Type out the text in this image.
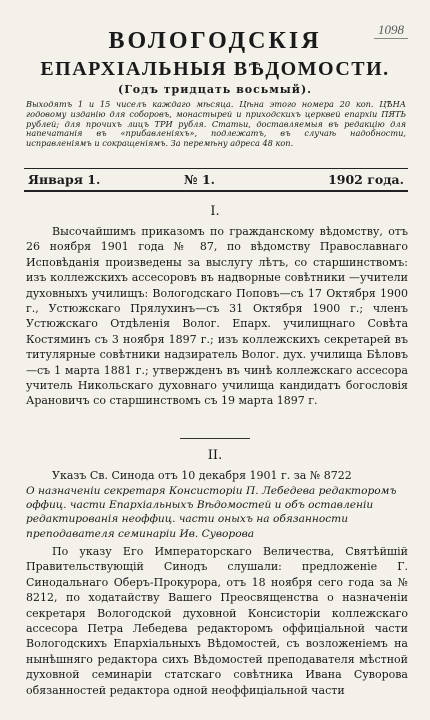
1098
ВОЛОГОДСКІЯ
ЕПАРХІАЛЬНЫЯ ВѢДОМОСТИ.
(Годъ тридцать восьмый).
Выходятъ 1 и 15 чиселъ каждаго мѣсяца. Цѣна этого номера 20 коп. ЦѢНА годовому изданію для соборовъ, монастырей и приходскихъ церквей епархіи ПЯТЬ рублей; для прочихъ лицъ ТРИ рубля. Статьи, доставляемыя въ редакцію для напечатанія въ «прибавленіяхъ», подлежатъ, въ случаѣ надобности, исправленіямъ и сокращеніямъ. За перемѣну адреса 48 коп.
Января 1.	№ 1.	1902 года.
I.

Высочайшимъ приказомъ по гражданскому вѣдомству, отъ 26 ноября 1901 года № 87, по вѣдомству Православнаго Исповѣданія произведены за выслугу лѣтъ, со старшинствомъ: изъ коллежскихъ ассесоровъ въ надворные совѣтники —учители духовныхъ училищъ: Вологодскаго Поповъ—съ 17 Октября 1900 г., Устюжскаго Прялухинъ—съ 31 Октября 1900 г.; членъ Устюжскаго Отдѣленія Волог. Епарх. училищнаго Совѣта Костяминъ съ 3 ноября 1897 г.; изъ коллежскихъ секретарей въ титулярные совѣтники надзиратель Волог. дух. училища Бѣловъ—съ 1 марта 1881 г.; утвержденъ въ чинѣ коллежскаго ассесора учитель Никольскаго духовнаго училища кандидатъ богословія Арановичъ со старшинствомъ съ 19 марта 1897 г.

II.

Указъ Св. Синода отъ 10 декабря 1901 г. за № 8722

О назначеніи секретаря Консисторіи П. Лебедева редакторомъ оффиц. части Епархіальныхъ Вѣдомостей и объ оставленіи редактированія неоффиц. части оныхъ на обязанности преподавателя семинаріи Ив. Суворова

По указу Его Императорскаго Величества, Святѣйшій Правительствующій Синодъ слушали: предложеніе Г. Синодальнаго Оберъ-Прокурора, отъ 18 ноября сего года за № 8212, по ходатайству Вашего Преосвященства о назначеніи секретаря Вологодской духовной Консисторіи коллежскаго ассесора Петра Лебедева редакторомъ оффиціальной части Вологодскихъ Епархіальныхъ Вѣдомостей, съ возложеніемъ на нынѣшняго редактора сихъ Вѣдомостей преподавателя мѣстной духовной семинаріи статскаго совѣтника Ивана Суворова обязанностей редактора одной неоффиціальной части
